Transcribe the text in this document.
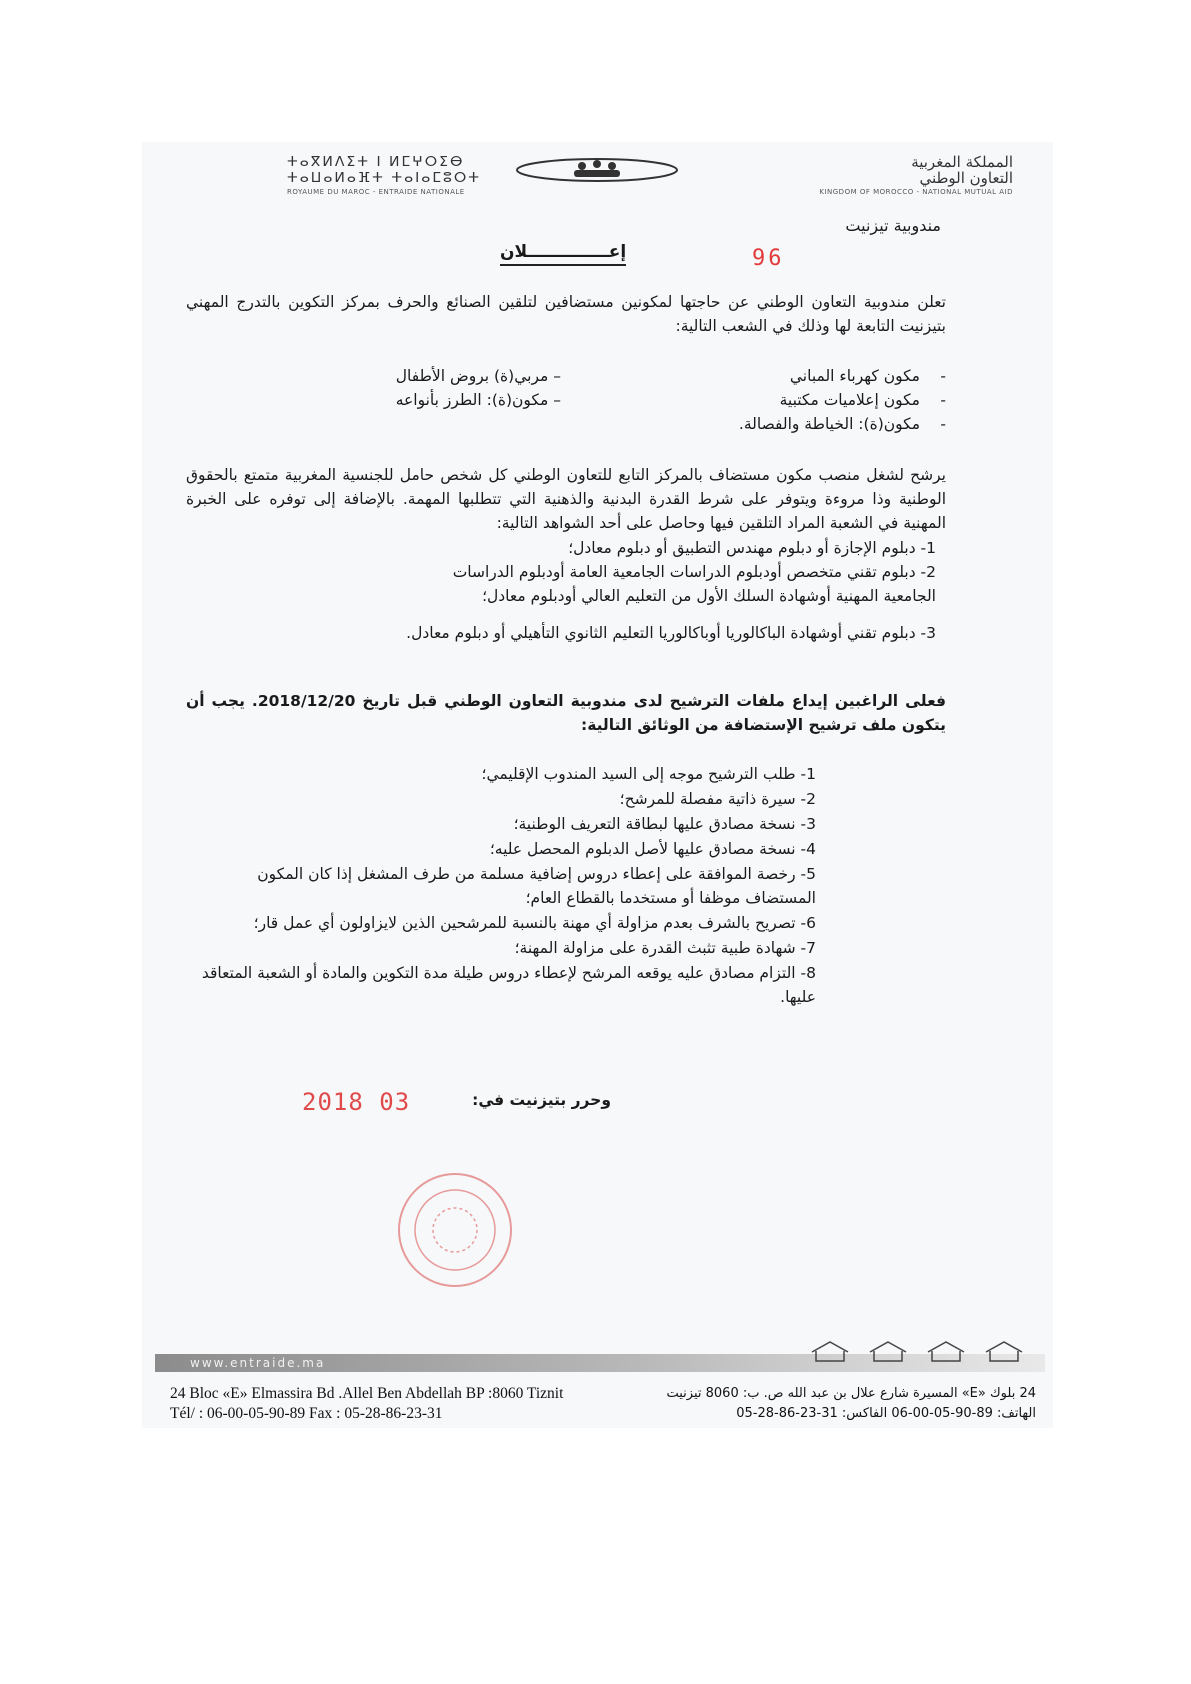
ⵜⴰⴳⵍⴷⵉⵜ ⵏ ⵍⵎⵖⵔⵉⴱ
ⵜⴰⵡⴰⵍⴰⴼⵜ ⵜⴰⵏⴰⵎⵓⵔⵜ
ROYAUME DU MAROC - ENTRAIDE NATIONALE
المملكة المغربية
التعاون الوطني
KINGDOM OF MOROCCO - NATIONAL MUTUAL AID
مندوبية تيزنيت
إعــــــــــــــلان	96
تعلن مندوبية التعاون الوطني عن حاجتها لمكونين مستضافين لتلقين الصنائع والحرف بمركز التكوين بالتدرج المهني بتيزنيت التابعة لها وذلك في الشعب التالية:
- مكون كهرباء المباني
- مكون إعلاميات مكتبية
- مكون(ة): الخياطة والفصالة.
– مربي(ة) بروض الأطفال
– مكون(ة): الطرز بأنواعه
يرشح لشغل منصب مكون مستضاف بالمركز التابع للتعاون الوطني كل شخص حامل للجنسية المغربية متمتع بالحقوق الوطنية وذا مروءة ويتوفر على شرط القدرة البدنية والذهنية التي تتطلبها المهمة. بالإضافة إلى توفره على الخبرة المهنية في الشعبة المراد التلقين فيها وحاصل على أحد الشواهد التالية:
1- دبلوم الإجازة أو دبلوم مهندس التطبيق أو دبلوم معادل؛
2- دبلوم تقني متخصص أودبلوم الدراسات الجامعية العامة أودبلوم الدراسات الجامعية المهنية أوشهادة السلك الأول من التعليم العالي أودبلوم معادل؛
3- دبلوم تقني أوشهادة الباكالوريا أوباكالوريا التعليم الثانوي التأهيلي أو دبلوم معادل.
فعلى الراغبين إيداع ملفات الترشيح لدى مندوبية التعاون الوطني قبل تاريخ 2018/12/20. يجب أن يتكون ملف ترشيح الإستضافة من الوثائق التالية:
1- طلب الترشيح موجه إلى السيد المندوب الإقليمي؛
2- سيرة ذاتية مفصلة للمرشح؛
3- نسخة مصادق عليها لبطاقة التعريف الوطنية؛
4- نسخة مصادق عليها لأصل الدبلوم المحصل عليه؛
5- رخصة الموافقة على إعطاء دروس إضافية مسلمة من طرف المشغل إذا كان المكون المستضاف موظفا أو مستخدما بالقطاع العام؛
6- تصريح بالشرف بعدم مزاولة أي مهنة بالنسبة للمرشحين الذين لايزاولون أي عمل قار؛
7- شهادة طبية تثبث القدرة على مزاولة المهنة؛
8- التزام مصادق عليه يوقعه المرشح لإعطاء دروس طيلة مدة التكوين والمادة أو الشعبة المتعاقد عليها.
وحرر بتيزنيت في:
2018 03
www.entraide.ma
24 Bloc «E» Elmassira Bd .Allel Ben Abdellah BP :8060 Tiznit
Tél/ : 06-00-05-90-89 Fax : 05-28-86-23-31
24 بلوك «E» المسيرة شارع علال بن عبد الله ص. ب: 8060 تيزنيت
الهاتف: 89-90-05-00-06 الفاكس: 31-23-86-28-05
